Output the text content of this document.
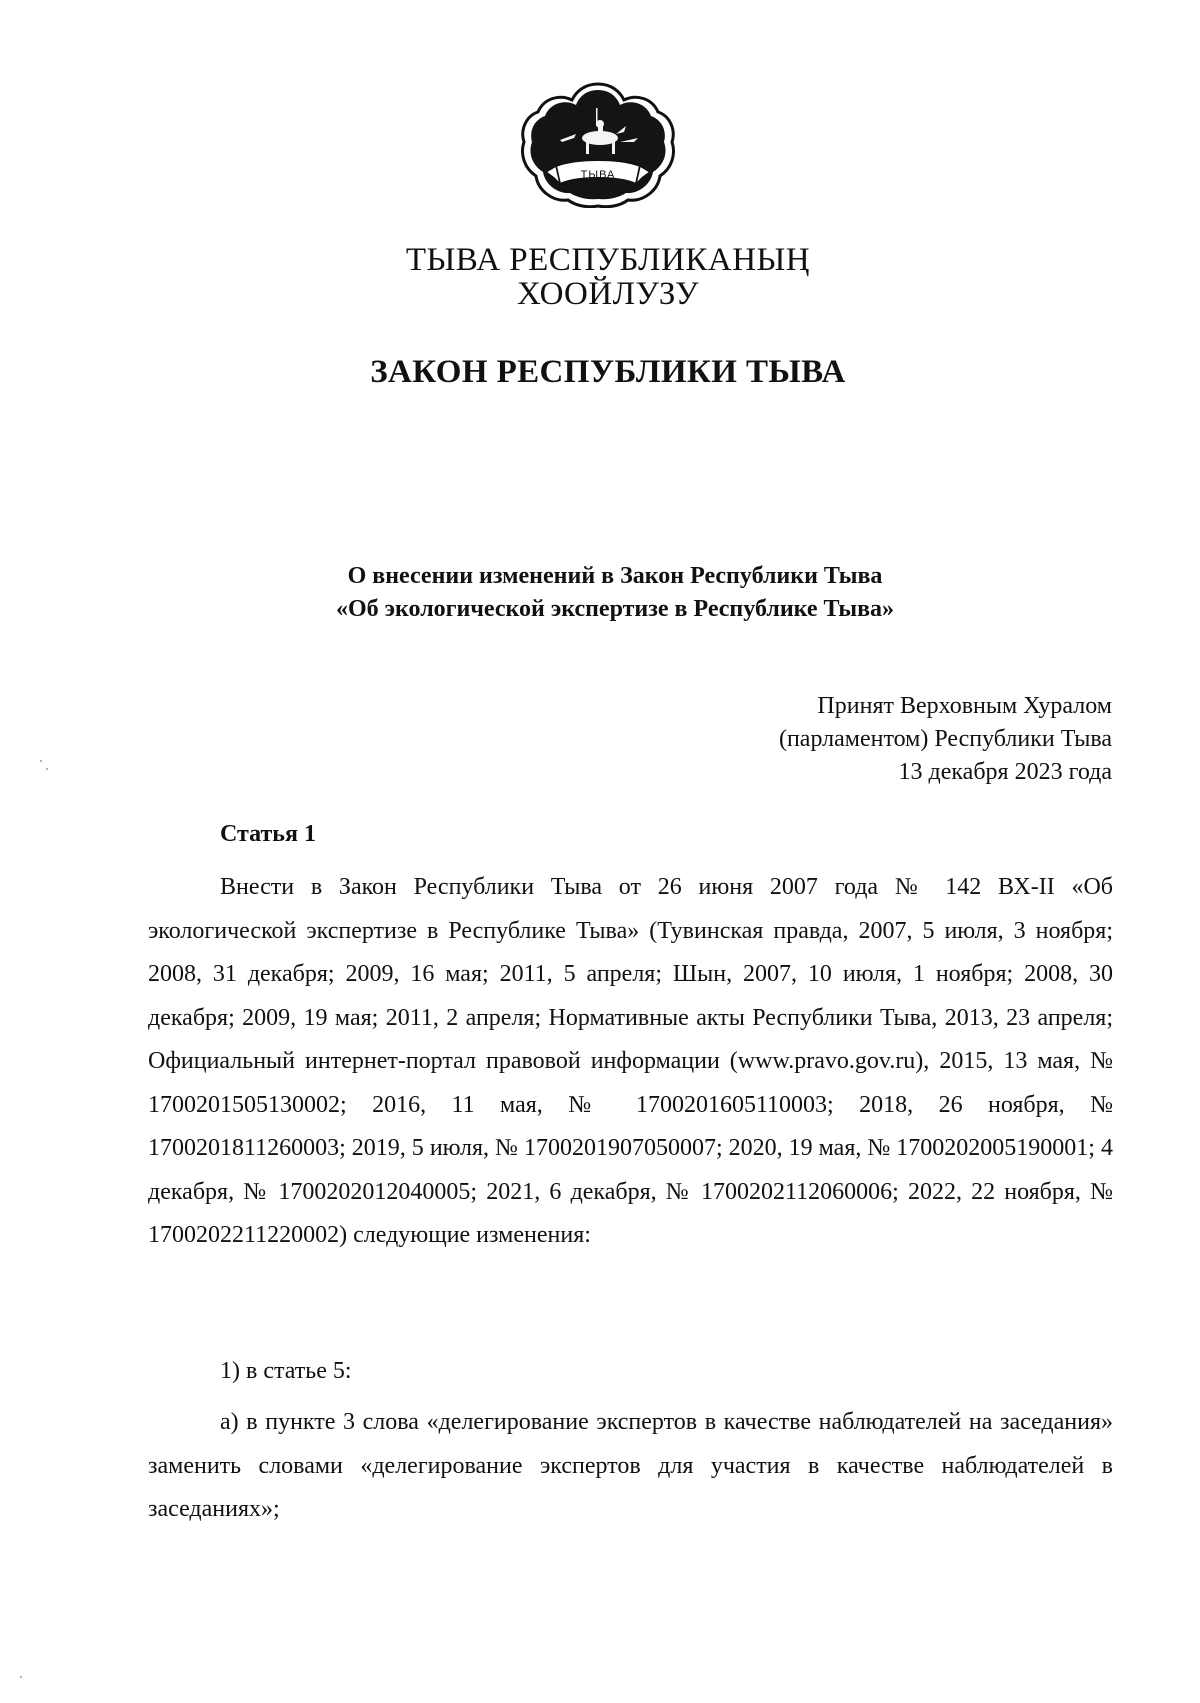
ТЫВА
ТЫВА РЕСПУБЛИКАНЫҢ
ХООЙЛУЗУ
ЗАКОН РЕСПУБЛИКИ ТЫВА
О внесении изменений в Закон Республики Тыва
«Об экологической экспертизе в Республике Тыва»
Принят Верховным Хуралом
(парламентом) Республики Тыва
13 декабря 2023 года
Статья 1
Внести в Закон Республики Тыва от 26 июня 2007 года № 142 ВХ-II «Об экологической экспертизе в Республике Тыва» (Тувинская правда, 2007, 5 июля, 3 ноября; 2008, 31 декабря; 2009, 16 мая; 2011, 5 апреля; Шын, 2007, 10 июля, 1 ноября; 2008, 30 декабря; 2009, 19 мая; 2011, 2 апреля; Нормативные акты Республики Тыва, 2013, 23 апреля; Официальный интернет-портал правовой информации (www.pravo.gov.ru), 2015, 13 мая, № 1700201505130002; 2016, 11 мая, № 1700201605110003; 2018, 26 ноября, № 1700201811260003; 2019, 5 июля, № 1700201907050007; 2020, 19 мая, № 1700202005190001; 4 декабря, № 1700202012040005; 2021, 6 декабря, № 1700202112060006; 2022, 22 ноября, № 1700202211220002) следующие изменения:
1) в статье 5:
а) в пункте 3 слова «делегирование экспертов в качестве наблюдателей на заседания» заменить словами «делегирование экспертов для участия в качестве наблюдателей в заседаниях»;
